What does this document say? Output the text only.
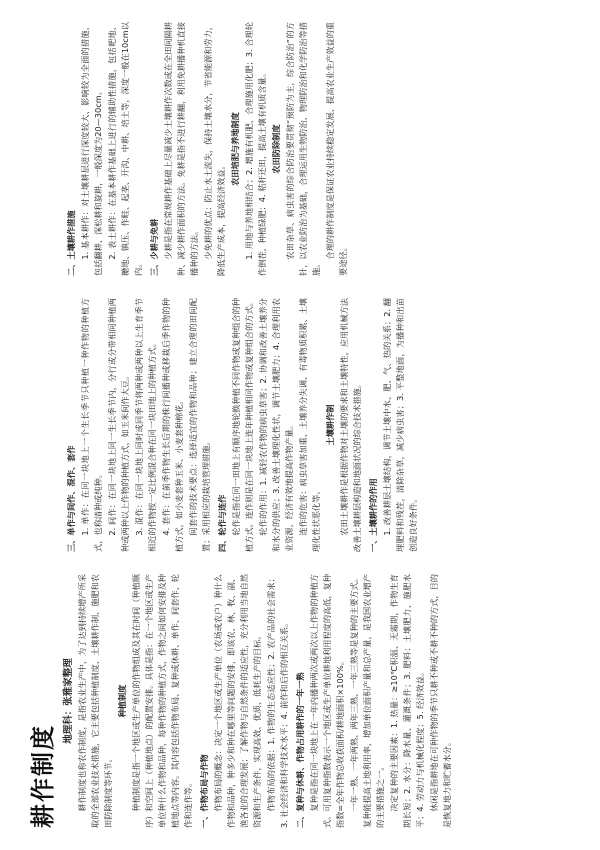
耕作制度

地理科：张雅家整理 耕作制度也称农作制度，是指农业生产中，为了达到持续增产所采取的全部农业技术措施，它主要包括种植制度、土壤耕作制、施肥和农田防除制度等环节。

种植制度 种植制度是指一个地区或生产单位的作物组成及其在时间（种植顺序）和空间上（种植地点）的配置安排。具体是指：在一个地区或生产单位种什么作物和品种，每种作物的种植方式，作物之间如何安排及种植地点等内容。其内容包括作物布局、复种或休耕、单作、间套作、轮作和连作等。 一、作物布局与作物 作物布局的概念：决定一个地区或生产单位（农场或农户）种什么作物和品种，种多少和种在哪里等问题的安排，即该农、林、牧、副、渔各业的合理发展；了解作物与自然条件的适应性，充分利用当地自然资源和生产条件，实现高效、优质、低耗生产的目标。 作物布局的依据：1. 作物的生态适应性；2. 农产品的社会需求；3. 社会经济和科学技术水平；4. 前作和后作的相互关系。 二、复种与休耕、作物占用耕作的一年一熟 复种是指在同一块地上在一年内播种两次或两次以上作物的种植方式。可用复种指数表示一个地区或生产单位耕地利用程度的高低，复种指数=全年作物总收获面积/耕地面积×100%。 一年一熟、一年两熟、两年三熟、一年三熟等是复种的主要方式。复种能提高土地利用率，增加单位面积产量和总产量，是我国农业增产的主要措施之一。 决定复种的主要因素：1. 热量：≥10℃积温、无霜期，作物生育期长短；2. 水分：降水量、灌溉条件；3. 肥料：土壤肥力、施肥水平；4. 劳动力与机械化程度；5. 经济效益。 休闲是指耕地在可种作物的季节只耕不种或不耕不种的方式，目的是恢复地力和贮蓄水分。

三、单作与间作、混作、套作 1. 单作：在同一块地上一个生长季节只种植一种作物的种植方式，也称清种或纯种。 2. 间作：在同一块地上同一生长季节内，分行或分带相间种植两种或两种以上作物的种植方式，如玉米间作大豆。 3. 混作：在同一块地上同时或同季节将两种或两种以上生育季节相近的作物按一定比例混合种在同一块田地上的种植方式。 4. 套作：在前季作物生长后期的株行间播种或移栽后季作物的种植方式，如小麦套种玉米、小麦套种棉花。 间套作的技术要点：选择适宜的作物和品种；建立合理的田间配置；采用相应的栽培管理措施。 四、轮作与连作 轮作是指在同一田地上有顺序地轮换种植不同作物或复种组合的种植方式。连作则是在同一块地上连年种植相同作物或复种组合的方式。 轮作的作用：1. 减轻农作物的病虫草害；2. 协调和改善土壤养分和水分的供应；3. 改善土壤理化性状，调节土壤肥力；4. 合理利用农业资源，经济有效地提高作物产量。 连作的危害：病虫草害加重、土壤养分失调、有毒物质积累、土壤理化性状恶化等。

土壤耕作制 农田土壤耕作是根据作物对土壤的要求和土壤特性，应用机械方法改善土壤耕层构造和地面状况的综合技术措施。 一、土壤耕作的作用 1. 改善耕层土壤结构，调节土壤中水、肥、气、热的关系；2. 翻埋肥料和残茬，清除杂草，减少病虫害；3. 平整地面，为播种和出苗创造良好条件。

二、土壤耕作措施 1. 基本耕作：对土壤耕层进行深度较大、影响较为全面的措施，包括翻耕、深松耕和旋耕，一般深度为20—30cm。 2. 表土耕作：在基本耕作基础上进行的辅助性措施，包括耙地、耱地、镇压、作畦、起垄、开沟、中耕、培土等，深度一般在10cm以内。 三、少耕与免耕 少耕是指在常规耕作基础上尽量减少土壤耕作次数或在全田间隔耕种、减少耕作面积的方法。免耕是指不进行耕翻，利用免耕播种机直接播种的方法。 少免耕的优点：防止水土流失，保持土壤水分，节省能源和劳力，降低生产成本，提高经济效益。

农田培肥与养地制度 1. 用地与养地相结合；2. 增施有机肥，合理施用化肥；3. 合理轮作倒茬，种植绿肥；4. 秸秆还田，提高土壤有机质含量。 农田防除制度 农田杂草、病虫害的综合防治要贯彻“预防为主，综合防治”的方针，以农业防治为基础，合理运用生物防治、物理防治和化学防治等措施。

合理的耕作制度是保证农业持续稳定发展、提高农业生产效益的重要途径。
